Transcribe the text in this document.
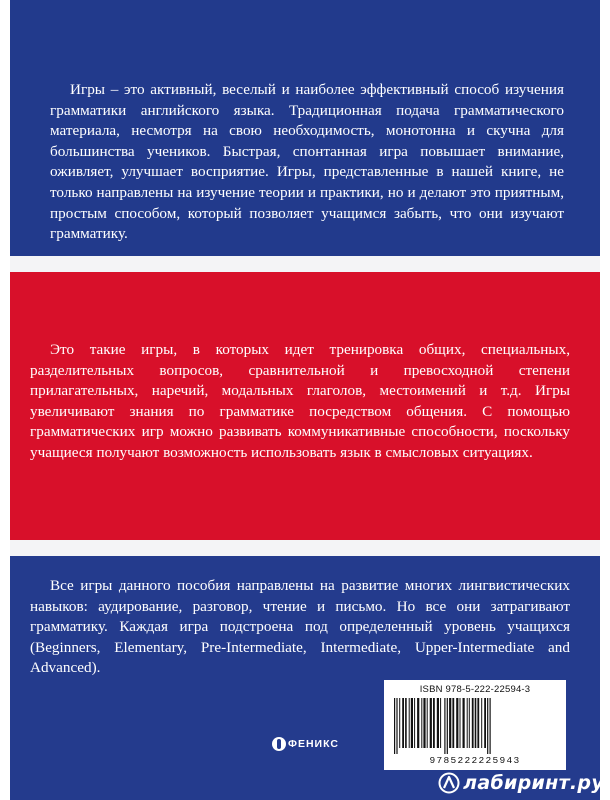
Игры – это активный, веселый и наиболее эффективный способ изучения грамматики английского языка. Традиционная подача грамматического материала, несмотря на свою необходимость, монотонна и скучна для большинства учеников. Быстрая, спонтанная игра повышает внимание, оживляет, улучшает восприятие. Игры, представленные в нашей книге, не только направлены на изучение теории и практики, но и делают это приятным, простым способом, который позволяет учащимся забыть, что они изучают грамматику.

Это такие игры, в которых идет тренировка общих, специальных, разделительных вопросов, сравнительной и превосходной степени прилагательных, наречий, модальных глаголов, местоимений и т.д. Игры увеличивают знания по грамматике посредством общения. С помощью грамматических игр можно развивать коммуникативные способности, поскольку учащиеся получают возможность использовать язык в смысловых ситуациях.

Все игры данного пособия направлены на развитие многих лингвистических навыков: аудирование, разговор, чтение и письмо. Но все они затрагивают грамматику. Каждая игра подстроена под определенный уровень учащихся (Beginners, Elementary, Pre-Intermediate, Intermediate, Upper-Intermediate and Advanced).

ФЕНИКС
ISBN 978-5-222-22594-3
9785222225943
лабиринт.ру
